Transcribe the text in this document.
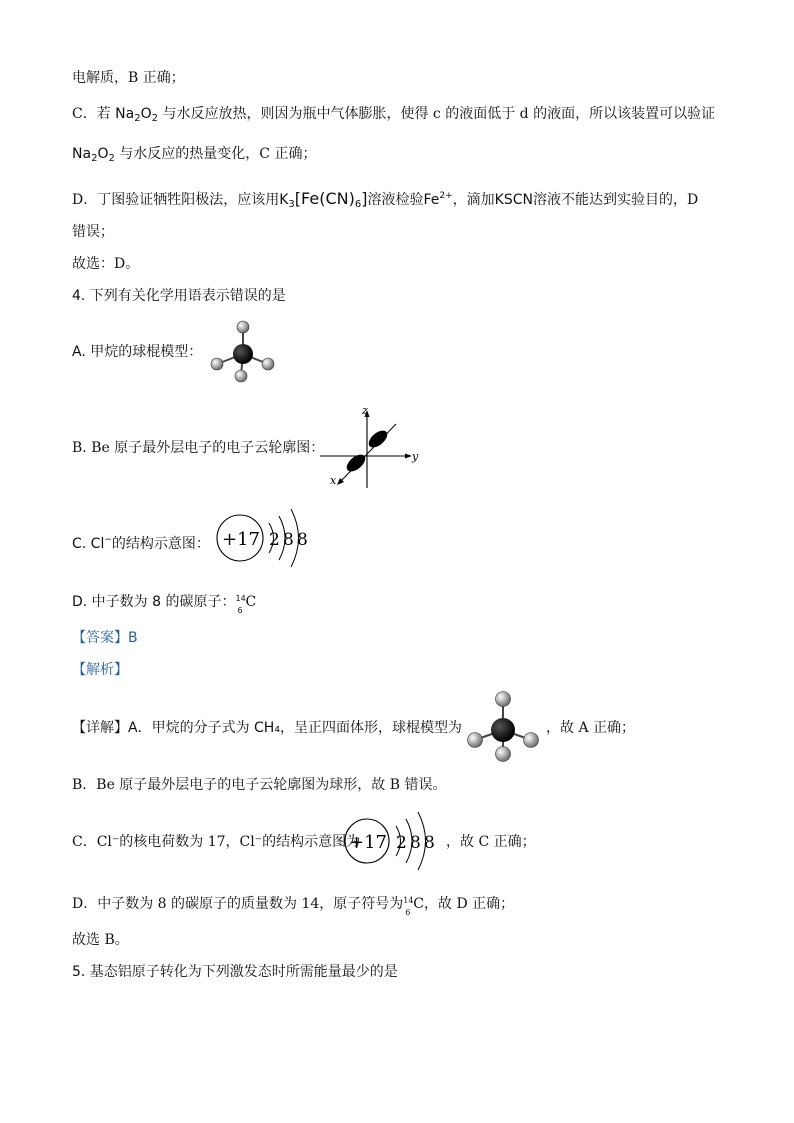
电解质，B 正确；
C．若 $Na_2O_2$ 与水反应放热，则因为瓶中气体膨胀，使得 c 的液面低于 d 的液面，所以该装置可以验证
$Na_2O_2$ 与水反应的热量变化，C 正确；
D．丁图验证牺牲阳极法，应该用$K_3[Fe(CN)_6]$溶液检验$Fe^{2+}$，滴加KSCN溶液不能达到实验目的，D
错误；
故选：D。
4. 下列有关化学用语表示错误的是
A. 甲烷的球棍模型：
B. Be 原子最外层电子的电子云轮廓图：
z
y
x
C. Cl−的结构示意图： +17 2 8 8
D. 中子数为 8 的碳原子： 14
6
C
【答案】B
【解析】
【详解】A．甲烷的分子式为 CH₄，呈正四面体形，球棍模型为	，故 A 正确；
B．Be 原子最外层电子的电子云轮廓图为球形，故 B 错误。
C．Cl⁻的核电荷数为 17，Cl⁻的结构示意图为
+17 2 8 8 ，故 C 正确；
D．中子数为 8 的碳原子的质量数为 14，原子符号为 14
6
C，故 D 正确；
故选 B。
5. 基态铝原子转化为下列激发态时所需能量最少的是
